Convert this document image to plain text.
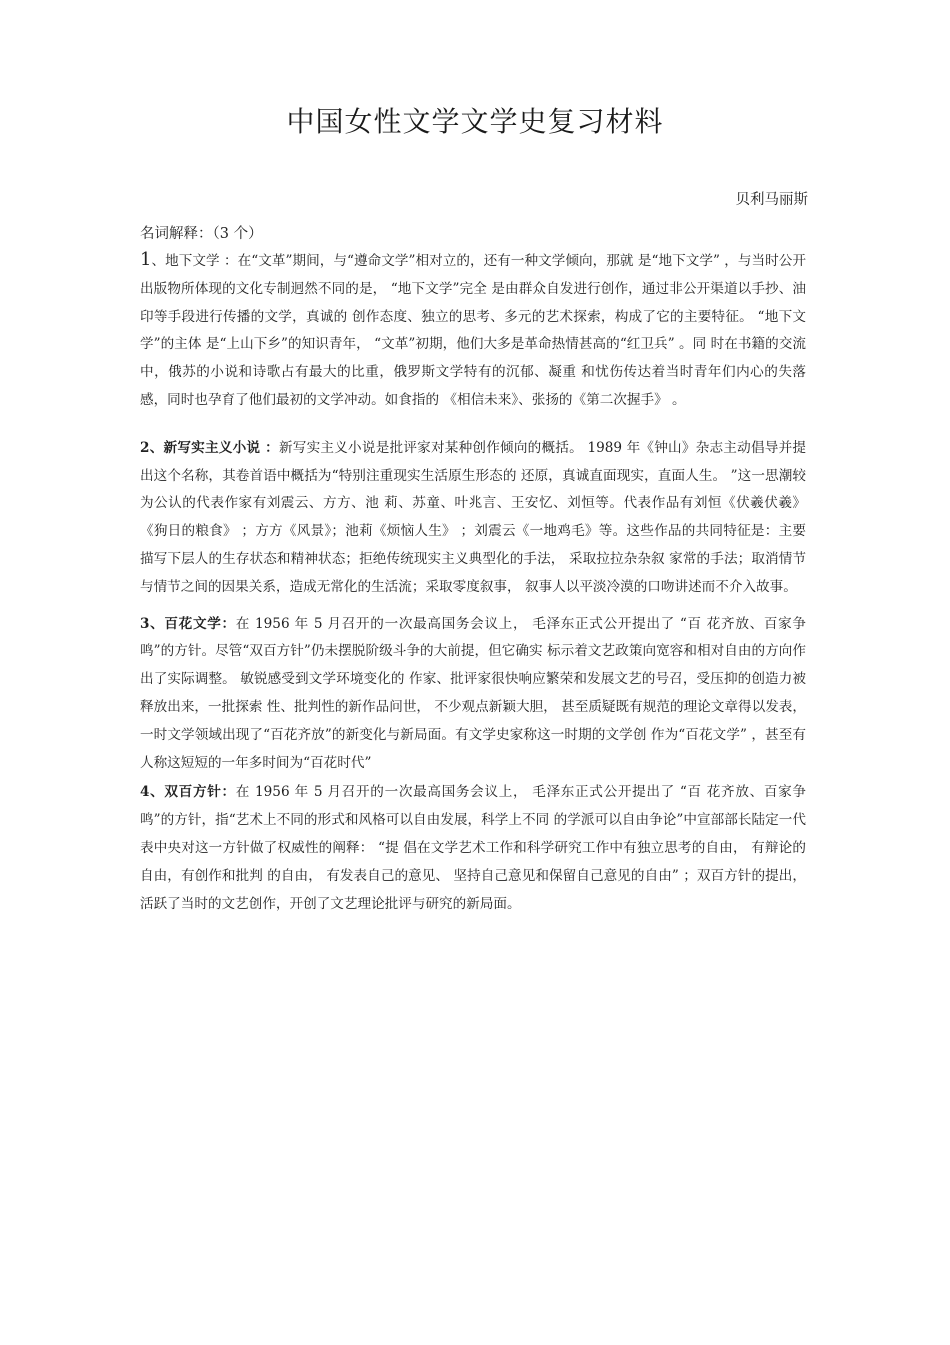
中国女性文学文学史复习材料
贝利马丽斯

名词解释：（3 个）

1、地下文学 ：在“文革”期间，与“遵命文学”相对立的，还有一种文学倾向，那就 是“地下文学” ，与当时公开出版物所体现的文化专制迥然不同的是， “地下文学”完全 是由群众自发进行创作，通过非公开渠道以手抄、油印等手段进行传播的文学，真诚的 创作态度、独立的思考、多元的艺术探索，构成了它的主要特征。 “地下文学”的主体 是“上山下乡”的知识青年， “文革”初期，他们大多是革命热情甚高的“红卫兵” 。同 时在书籍的交流中，俄苏的小说和诗歌占有最大的比重，俄罗斯文学特有的沉郁、凝重 和忧伤传达着当时青年们内心的失落感，同时也孕育了他们最初的文学冲动。如食指的 《相信未来》、张扬的《第二次握手》 。

2、新写实主义小说 ：新写实主义小说是批评家对某种创作倾向的概括。 1989 年《钟山》杂志主动倡导并提出这个名称，其卷首语中概括为“特别注重现实生活原生形态的 还原，真诚直面现实，直面人生。 ”这一思潮较为公认的代表作家有刘震云、方方、池 莉、苏童、叶兆言、王安忆、刘恒等。代表作品有刘恒《伏羲伏羲》 《狗日的粮食》 ；方方《风景》；池莉《烦恼人生》 ；刘震云《一地鸡毛》等。这些作品的共同特征是：主要 描写下层人的生存状态和精神状态；拒绝传统现实主义典型化的手法， 采取拉拉杂杂叙 家常的手法；取消情节与情节之间的因果关系，造成无常化的生活流；采取零度叙事， 叙事人以平淡冷漠的口吻讲述而不介入故事。

3、百花文学：在 1956 年 5 月召开的一次最高国务会议上， 毛泽东正式公开提出了 “百 花齐放、百家争鸣”的方针。尽管“双百方针”仍未摆脱阶级斗争的大前提，但它确实 标示着文艺政策向宽容和相对自由的方向作出了实际调整。 敏锐感受到文学环境变化的 作家、批评家很快响应繁荣和发展文艺的号召，受压抑的创造力被释放出来，一批探索 性、批判性的新作品问世， 不少观点新颖大胆， 甚至质疑既有规范的理论文章得以发表， 一时文学领域出现了“百花齐放”的新变化与新局面。有文学史家称这一时期的文学创 作为“百花文学” ，甚至有人称这短短的一年多时间为“百花时代”

4、双百方针：在 1956 年 5 月召开的一次最高国务会议上， 毛泽东正式公开提出了 “百 花齐放、百家争鸣”的方针，指“艺术上不同的形式和风格可以自由发展，科学上不同 的学派可以自由争论”中宣部部长陆定一代表中央对这一方针做了权威性的阐释： “提 倡在文学艺术工作和科学研究工作中有独立思考的自由， 有辩论的自由，有创作和批判 的自由， 有发表自己的意见、 坚持自己意见和保留自己意见的自由” ；双百方针的提出， 活跃了当时的文艺创作，开创了文艺理论批评与研究的新局面。
